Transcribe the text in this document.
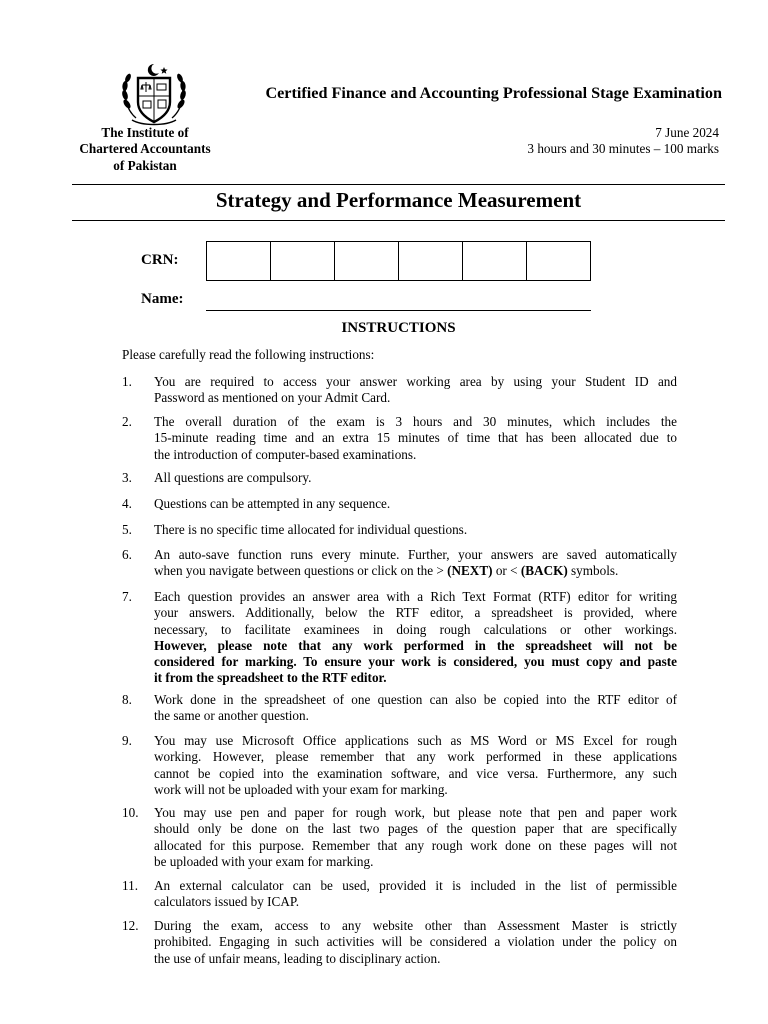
Certified Finance and Accounting Professional Stage Examination
The Institute of
Chartered Accountants
of Pakistan
7 June 2024
3 hours and 30 minutes – 100 marks
Strategy and Performance Measurement
CRN:
Name:
INSTRUCTIONS
Please carefully read the following instructions:
1. You are required to access your answer working area by using your Student ID and
Password as mentioned on your Admit Card.
2. The overall duration of the exam is 3 hours and 30 minutes, which includes the
15-minute reading time and an extra 15 minutes of time that has been allocated due to
the introduction of computer-based examinations.
3. All questions are compulsory.
4. Questions can be attempted in any sequence.
5. There is no specific time allocated for individual questions.
6. An auto-save function runs every minute. Further, your answers are saved automatically
when you navigate between questions or click on the > (NEXT) or < (BACK) symbols.
7. Each question provides an answer area with a Rich Text Format (RTF) editor for writing
your answers. Additionally, below the RTF editor, a spreadsheet is provided, where
necessary, to facilitate examinees in doing rough calculations or other workings.
However, please note that any work performed in the spreadsheet will not be
considered for marking. To ensure your work is considered, you must copy and paste
it from the spreadsheet to the RTF editor.
8. Work done in the spreadsheet of one question can also be copied into the RTF editor of
the same or another question.
9. You may use Microsoft Office applications such as MS Word or MS Excel for rough
working. However, please remember that any work performed in these applications
cannot be copied into the examination software, and vice versa. Furthermore, any such
work will not be uploaded with your exam for marking.
10. You may use pen and paper for rough work, but please note that pen and paper work
should only be done on the last two pages of the question paper that are specifically
allocated for this purpose. Remember that any rough work done on these pages will not
be uploaded with your exam for marking.
11. An external calculator can be used, provided it is included in the list of permissible
calculators issued by ICAP.
12. During the exam, access to any website other than Assessment Master is strictly
prohibited. Engaging in such activities will be considered a violation under the policy on
the use of unfair means, leading to disciplinary action.
